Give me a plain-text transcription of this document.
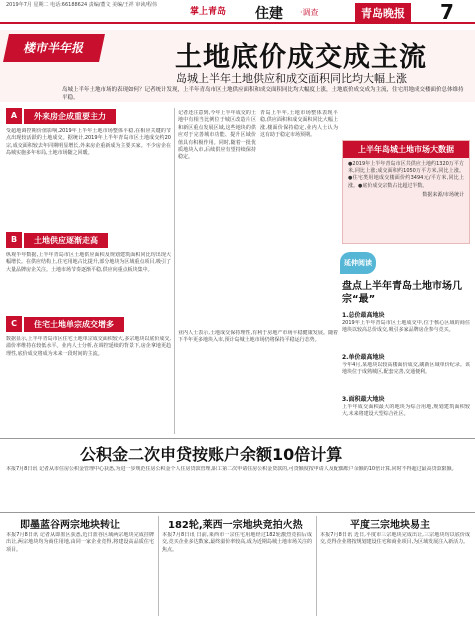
2019年7月 星期二 电话:66188624 责编/董文 美编/王祥 审读/程伟
掌上青岛 住建 ·调查	青岛晚报	7
楼市半年报	土地底价成交成主流
岛城上半年土地供应和成交面积同比均大幅上涨
岛城上半年土地市场的表现如何？记者统计发现，上半年青岛市区土地供应面积和成交面积同比均大幅度上涨，土地底价成交成为主流，住宅用地成交楼面价总体维持平稳。
A	外来房企成重要主力
受超地调控期价值影响,2019年上半年土地市场整体平稳,在相应关键的节点出现较活跃的土地成交。据统计,2019年上半年青岛市区土地成交约20宗,成交面积较去年同期明显增长,外来房企重新成为主要买家。不少房企在岛城实施多年布局,土地市场随之回暖。
B	土地供应逐渐走高
纵观半年数据,上半年青岛市区土地供应面积及规划建筑面积同比均出现大幅增长。在供应结构上,住宅用地占比提升,部分地块为区域重点项目,吸引了大量品牌房企关注。土地市场节奏逐渐平稳,供应向重点板块集中。
C	住宅土地单宗成交增多
数据显示,上半年青岛市区住宅土地单宗成交面积较大,多宗地块以底价成交,溢价率维持在较低水平。业内人士分析,在调控延续的背景下,房企拿地更趋理性,底价成交将成为未来一段时间的主流。
记者还注意到,今年上半年成交的土地中有相当比例位于城区改造片区和新区重点发展区域,这些地块的供应对于完善城市功能、提升区域价值具有积极作用。同时,随着一批优质地块入市,后续供应有望持续保持稳定。
青岛上半年,土地市场整体表现平稳,供应面积和成交面积同比大幅上涨,楼面价保持稳定,业内人士认为这有助于稳定市场预期。
业内人士表示,土地成交保持理性,有利于房地产市场平稳健康发展。随着下半年更多地块入市,预计岛城土地市场仍将保持平稳运行态势。
上半年岛城土地市场大数据
●2019年上半年青岛市区共供应土地约1320万平方米,同比上涨;成交面积约1050万平方米,同比上涨。●住宅类用地成交楼面价约3494元/平方米,同比上涨。●底价成交宗数占比超过半数。
数据来源/市场统计
延伸阅读
盘点上半年青岛土地市场几宗“最”
1.总价最高地块
2019年上半年青岛市区土地成交中,位于核心区域的商住地块以较高总价成交,吸引多家品牌房企参与竞买。
2.单价最高地块
今年4月,某地块以较高楼面价成交,刷新区域单价纪录。该地块位于成熟城区,配套完善,交通便利。
3.面积最大地块
上半年成交面积最大的地块为综合用地,规划建筑面积较大,未来将建设大型综合社区。
公积金二次申贷按账户余额10倍计算
本报7月8日讯 记者从市住房公积金管理中心获悉,为进一步规范住房公积金个人住房贷款管理,职工第二次申请住房公积金贷款的,可贷额度按申请人及配偶账户余额的10倍计算,同时不得超过最高贷款限额。
即墨蓝谷两宗地块转让
本报7月8日讯 记者从即墨区获悉,近日蓝谷区域两宗地块完成挂牌出让,两宗地块均为商住用地,由同一家企业竞得,将建设高品质住宅项目。
182轮,莱西一宗地块竞拍火热
本报7月8日讯 日前,莱西市一宗住宅用地经过182轮激烈竞拍后成交,竞买企业多达数家,最终溢价率较高,成为近期岛城土地市场关注的焦点。
平度三宗地块易主
本报7月8日讯 近日,平度市三宗地块完成出让,三宗地块均以底价成交,竞得企业将按规划建设住宅和商业项目,为区域发展注入新活力。
